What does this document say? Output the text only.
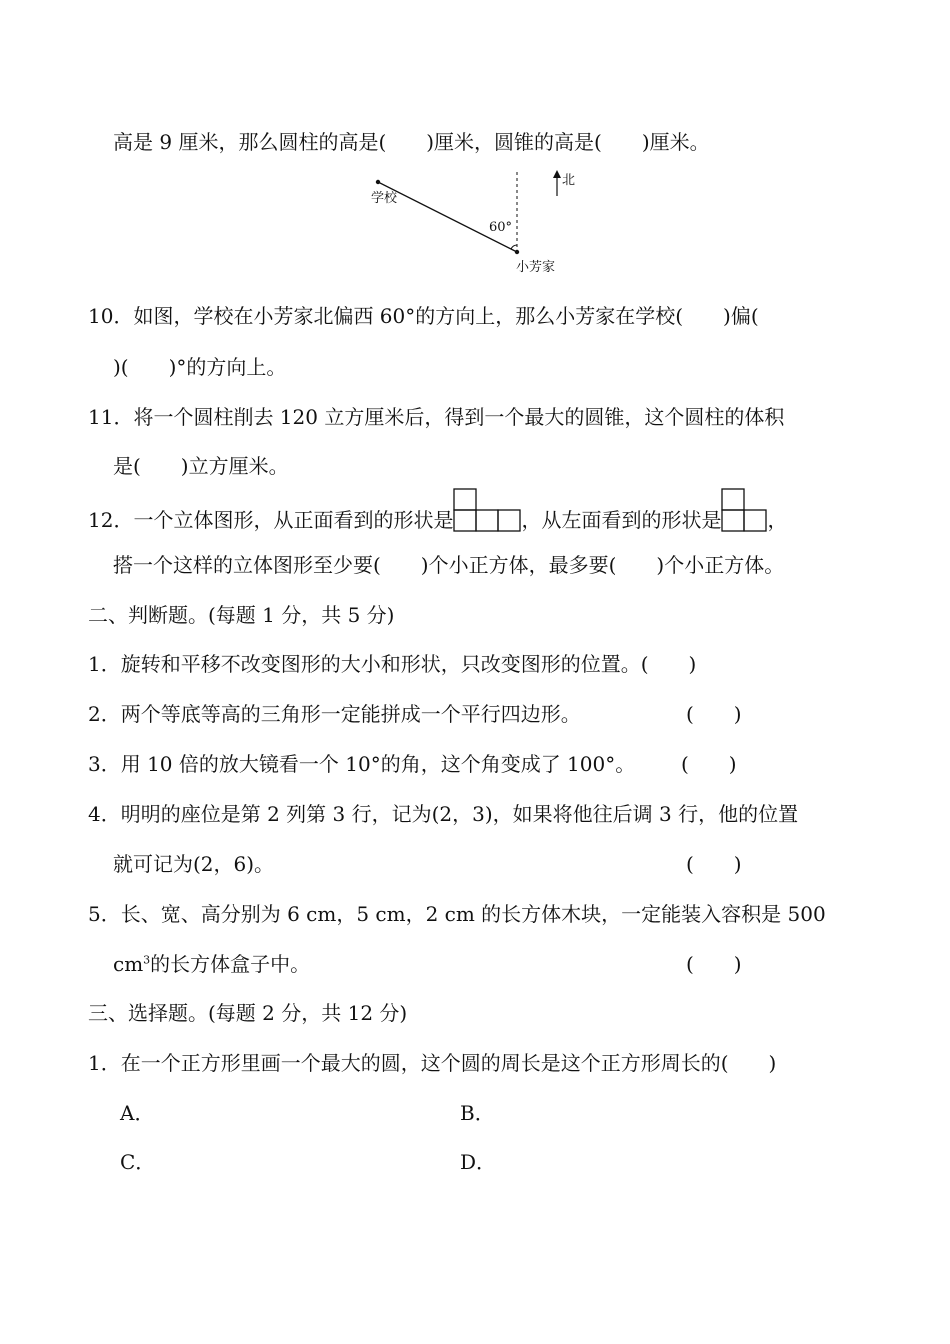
高是 9 厘米，那么圆柱的高是(　　)厘米，圆锥的高是(　　)厘米。
学校
60°
小芳家
北
10．如图，学校在小芳家北偏西 60°的方向上，那么小芳家在学校(　　)偏(
)(　　)°的方向上。
11．将一个圆柱削去 120 立方厘米后，得到一个最大的圆锥，这个圆柱的体积
是(　　)立方厘米。
12．一个立体图形，从正面看到的形状是	，从左面看到的形状是 ，
搭一个这样的立体图形至少要(　　)个小正方体，最多要(　　)个小正方体。
二、判断题。(每题 1 分，共 5 分)
1．旋转和平移不改变图形的大小和形状，只改变图形的位置。(　　)
2．两个等底等高的三角形一定能拼成一个平行四边形。	(　　)
3．用 10 倍的放大镜看一个 10°的角，这个角变成了 100°。 (　　)
4．明明的座位是第 2 列第 3 行，记为(2，3)，如果将他往后调 3 行，他的位置
就可记为(2，6)。	(　　)
5．长、宽、高分别为 6 cm，5 cm，2 cm 的长方体木块，一定能装入容积是 500
$cm^3$的长方体盒子中。	(　　)
三、选择题。(每题 2 分，共 12 分)
1．在一个正方形里画一个最大的圆，这个圆的周长是这个正方形周长的(　　)
A．	B．
C．	D．
